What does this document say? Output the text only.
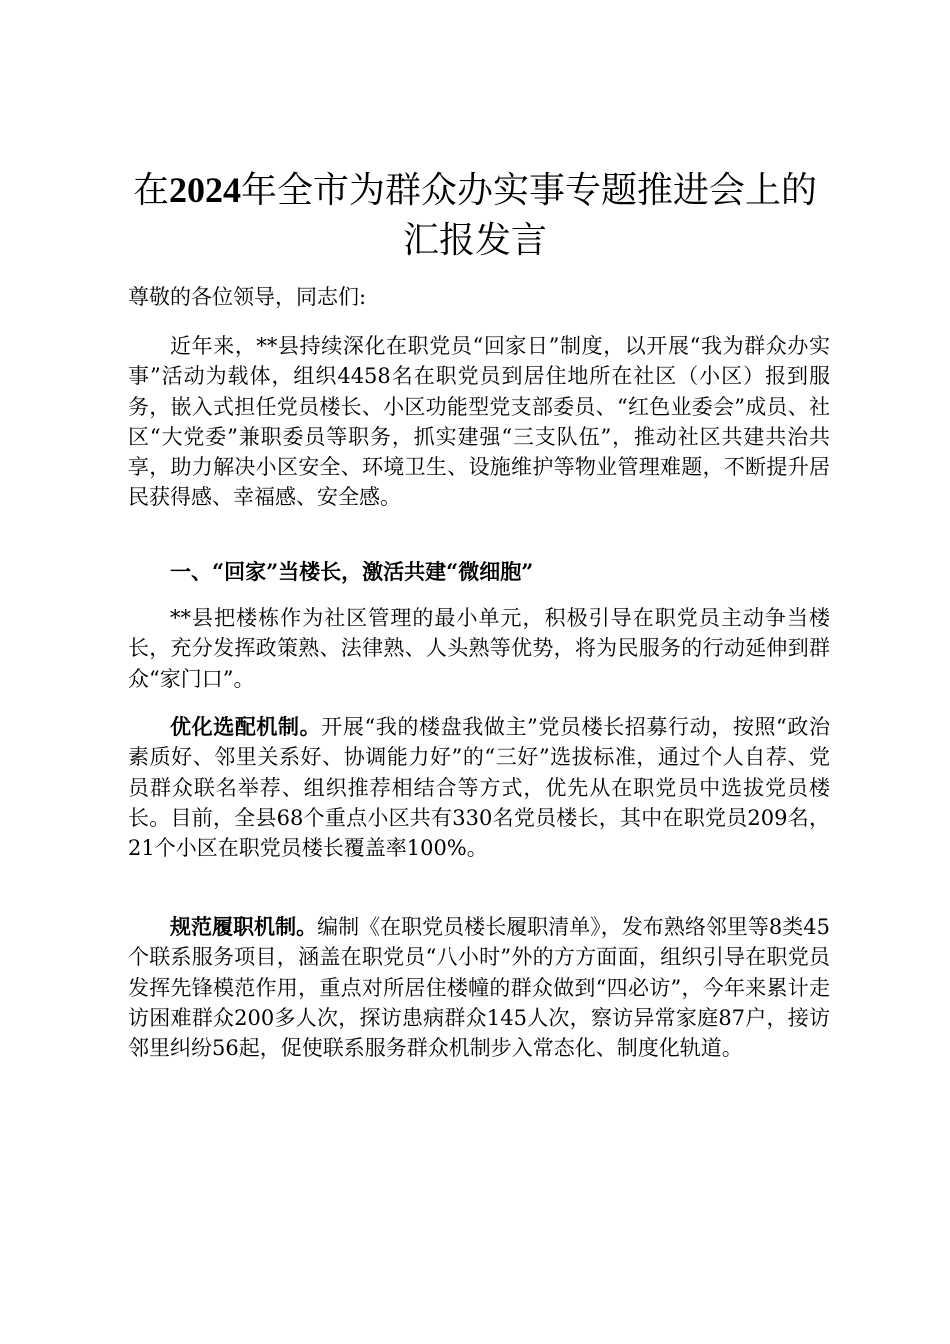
在2024年全市为群众办实事专题推进会上的
汇报发言

尊敬的各位领导，同志们:

近年来，**县持续深化在职党员“回家日”制度，以开展“我为群众办实事”活动为载体，组织4458名在职党员到居住地所在社区（小区）报到服务，嵌入式担任党员楼长、小区功能型党支部委员、“红色业委会”成员、社区“大党委”兼职委员等职务，抓实建强“三支队伍”，推动社区共建共治共享，助力解决小区安全、环境卫生、设施维护等物业管理难题，不断提升居民获得感、幸福感、安全感。

一、“回家”当楼长，激活共建“微细胞”

**县把楼栋作为社区管理的最小单元，积极引导在职党员主动争当楼长，充分发挥政策熟、法律熟、人头熟等优势，将为民服务的行动延伸到群众“家门口”。

优化选配机制。开展“我的楼盘我做主”党员楼长招募行动，按照“政治素质好、邻里关系好、协调能力好”的“三好”选拔标准，通过个人自荐、党员群众联名举荐、组织推荐相结合等方式，优先从在职党员中选拔党员楼长。目前，全县68个重点小区共有330名党员楼长，其中在职党员209名，21个小区在职党员楼长覆盖率100%。

规范履职机制。编制《在职党员楼长履职清单》，发布熟络邻里等8类45个联系服务项目，涵盖在职党员“八小时”外的方方面面，组织引导在职党员发挥先锋模范作用，重点对所居住楼幢的群众做到“四必访”，今年来累计走访困难群众200多人次，探访患病群众145人次，察访异常家庭87户，接访邻里纠纷56起，促使联系服务群众机制步入常态化、制度化轨道。
